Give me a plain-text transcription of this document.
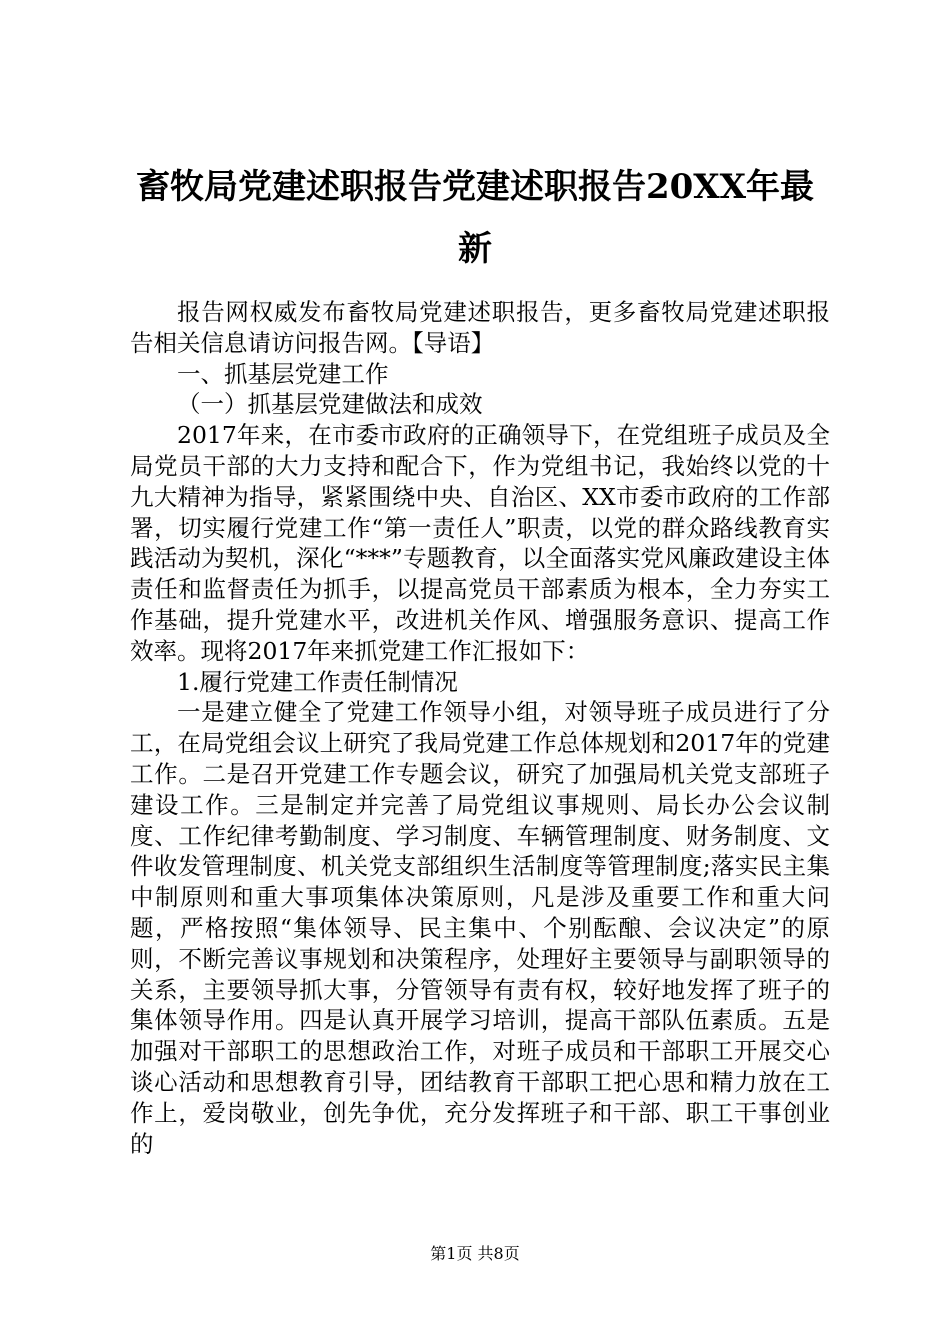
畜牧局党建述职报告党建述职报告20XX年最新

报告网权威发布畜牧局党建述职报告，更多畜牧局党建述职报告相关信息请访问报告网。【导语】

一、抓基层党建工作

（一）抓基层党建做法和成效

2017年来，在市委市政府的正确领导下，在党组班子成员及全局党员干部的大力支持和配合下，作为党组书记，我始终以党的十九大精神为指导，紧紧围绕中央、自治区、XX市委市政府的工作部署，切实履行党建工作“第一责任人”职责，以党的群众路线教育实践活动为契机，深化“***”专题教育，以全面落实党风廉政建设主体责任和监督责任为抓手，以提高党员干部素质为根本，全力夯实工作基础，提升党建水平，改进机关作风、增强服务意识、提高工作效率。现将2017年来抓党建工作汇报如下：

1.履行党建工作责任制情况

一是建立健全了党建工作领导小组，对领导班子成员进行了分工，在局党组会议上研究了我局党建工作总体规划和2017年的党建工作。二是召开党建工作专题会议，研究了加强局机关党支部班子建设工作。三是制定并完善了局党组议事规则、局长办公会议制度、工作纪律考勤制度、学习制度、车辆管理制度、财务制度、文件收发管理制度、机关党支部组织生活制度等管理制度;落实民主集中制原则和重大事项集体决策原则，凡是涉及重要工作和重大问题，严格按照“集体领导、民主集中、个别酝酿、会议决定”的原则，不断完善议事规划和决策程序，处理好主要领导与副职领导的关系，主要领导抓大事，分管领导有责有权，较好地发挥了班子的集体领导作用。四是认真开展学习培训，提高干部队伍素质。五是加强对干部职工的思想政治工作，对班子成员和干部职工开展交心谈心活动和思想教育引导，团结教育干部职工把心思和精力放在工作上，爱岗敬业，创先争优，充分发挥班子和干部、职工干事创业的

第1页 共8页
